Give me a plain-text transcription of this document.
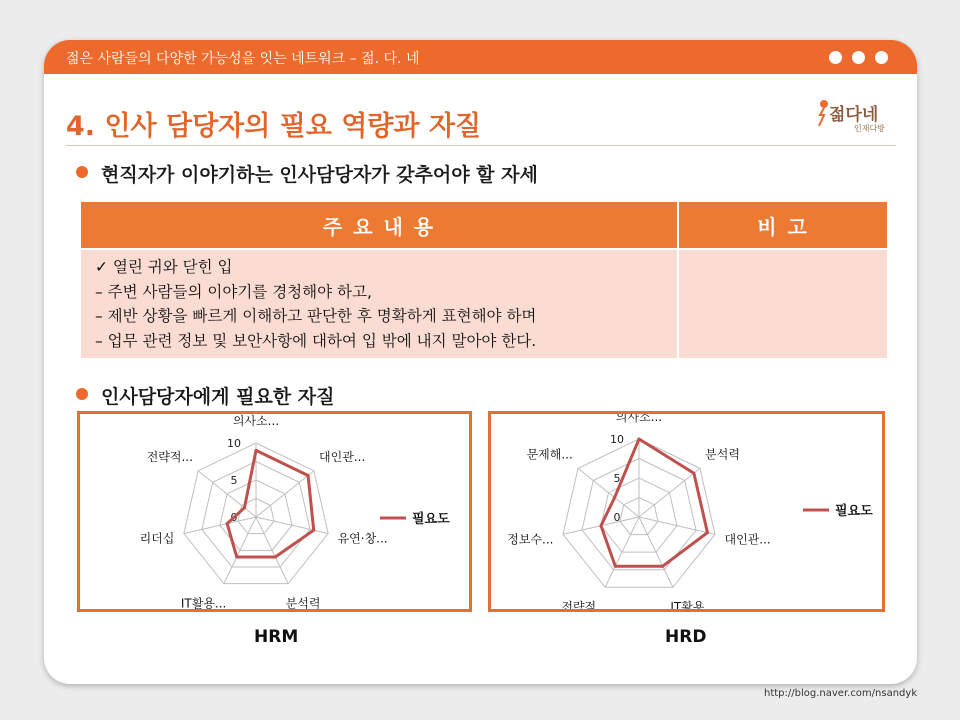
젊은 사람들의 다양한 가능성을 잇는 네트워크 – 젊. 다. 네
4. 인사 담당자의 필요 역량과 자질	젊다네
인재다방
현직자가 이야기하는 인사담당자가 갖추어야 할 자세
주 요 내 용	비 고
✓ 열린 귀와 닫힌 입
– 주변 사람들의 이야기를 경청해야 하고,
– 제반 상황을 빠르게 이해하고 판단한 후 명확하게 표현해야 하며
– 업무 관련 정보 및 보안사항에 대하여 입 밖에 내지 말아야 한다.
인사담당자에게 필요한 자질
0
5
10
의사소...
대인관...
유연·창...
분석력
IT활용...
리더십
전략적...
필요도	0
5
10
의사소...
분석력
대인관...
IT활용...
전략적...
정보수...
문제해...
필요도
HRM	HRD
http://blog.naver.com/nsandyk
